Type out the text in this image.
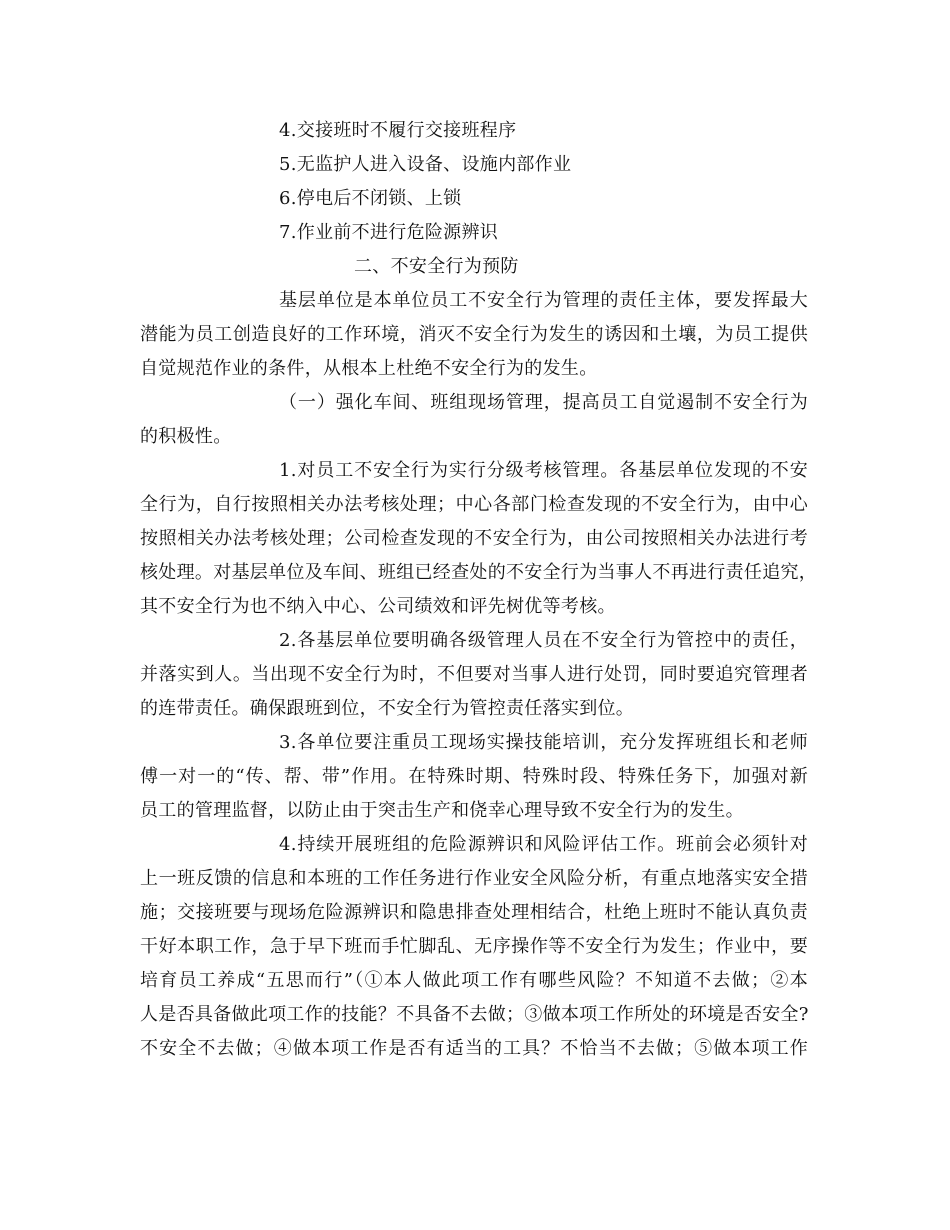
4.交接班时不履行交接班程序
5.无监护人进入设备、设施内部作业
6.停电后不闭锁、上锁
7.作业前不进行危险源辨识
二、不安全行为预防
基层单位是本单位员工不安全行为管理的责任主体，要发挥最大
潜能为员工创造良好的工作环境，消灭不安全行为发生的诱因和土壤，为员工提供
自觉规范作业的条件，从根本上杜绝不安全行为的发生。
（一）强化车间、班组现场管理，提高员工自觉遏制不安全行为
的积极性。
1.对员工不安全行为实行分级考核管理。各基层单位发现的不安
全行为，自行按照相关办法考核处理；中心各部门检查发现的不安全行为，由中心
按照相关办法考核处理；公司检查发现的不安全行为，由公司按照相关办法进行考
核处理。对基层单位及车间、班组已经查处的不安全行为当事人不再进行责任追究，
其不安全行为也不纳入中心、公司绩效和评先树优等考核。
2.各基层单位要明确各级管理人员在不安全行为管控中的责任，
并落实到人。当出现不安全行为时，不但要对当事人进行处罚，同时要追究管理者
的连带责任。确保跟班到位，不安全行为管控责任落实到位。
3.各单位要注重员工现场实操技能培训，充分发挥班组长和老师
傅一对一的“传、帮、带”作用。在特殊时期、特殊时段、特殊任务下，加强对新
员工的管理监督，以防止由于突击生产和侥幸心理导致不安全行为的发生。
4.持续开展班组的危险源辨识和风险评估工作。班前会必须针对
上一班反馈的信息和本班的工作任务进行作业安全风险分析，有重点地落实安全措
施；交接班要与现场危险源辨识和隐患排查处理相结合，杜绝上班时不能认真负责
干好本职工作，急于早下班而手忙脚乱、无序操作等不安全行为发生；作业中，要
培育员工养成“五思而行”（①本人做此项工作有哪些风险？不知道不去做；②本
人是否具备做此项工作的技能？不具备不去做；③做本项工作所处的环境是否安全?
不安全不去做；④做本项工作是否有适当的工具？不恰当不去做；⑤做本项工作
